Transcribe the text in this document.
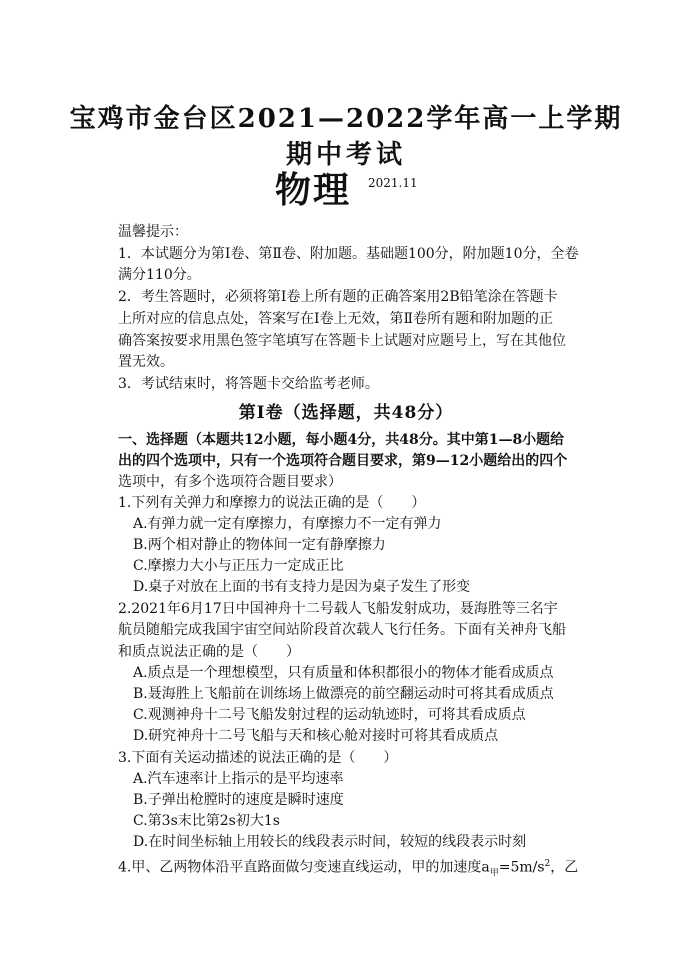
宝鸡市金台区2021—2022学年高一上学期
期中考试
物理 2021.11
温馨提示：
1．本试题分为第Ⅰ卷、第Ⅱ卷、附加题。基础题100分，附加题10分，全卷
满分110分。
2．考生答题时，必须将第Ⅰ卷上所有题的正确答案用2B铅笔涂在答题卡
上所对应的信息点处，答案写在Ⅰ卷上无效，第Ⅱ卷所有题和附加题的正
确答案按要求用黑色签字笔填写在答题卡上试题对应题号上，写在其他位
置无效。
3．考试结束时，将答题卡交给监考老师。
第Ⅰ卷（选择题，共48分）
一、选择题（本题共12小题，每小题4分，共48分。其中第1—8小题给
出的四个选项中，只有一个选项符合题目要求，第9—12小题给出的四个
选项中，有多个选项符合题目要求）
1.下列有关弹力和摩擦力的说法正确的是（　　）
A.有弹力就一定有摩擦力，有摩擦力不一定有弹力
B.两个相对静止的物体间一定有静摩擦力
C.摩擦力大小与正压力一定成正比
D.桌子对放在上面的书有支持力是因为桌子发生了形变
2.2021年6月17日中国神舟十二号载人飞船发射成功，聂海胜等三名宇
航员随船完成我国宇宙空间站阶段首次载人飞行任务。下面有关神舟飞船
和质点说法正确的是（　　）
A.质点是一个理想模型，只有质量和体积都很小的物体才能看成质点
B.聂海胜上飞船前在训练场上做漂亮的前空翻运动时可将其看成质点
C.观测神舟十二号飞船发射过程的运动轨迹时，可将其看成质点
D.研究神舟十二号飞船与天和核心舱对接时可将其看成质点
3.下面有关运动描述的说法正确的是（　　）
A.汽车速率计上指示的是平均速率
B.子弹出枪膛时的速度是瞬时速度
C.第3s末比第2s初大1s
D.在时间坐标轴上用较长的线段表示时间，较短的线段表示时刻
4.甲、乙两物体沿平直路面做匀变速直线运动，甲的加速度$a_甲=5m/s^2$，乙
